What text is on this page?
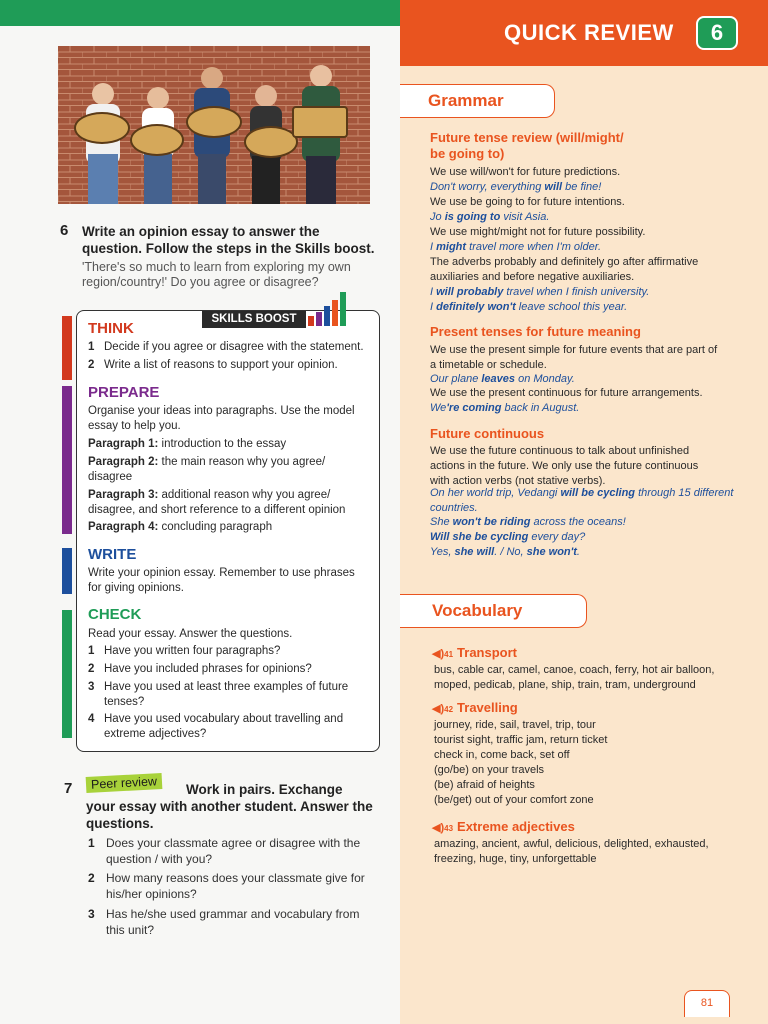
6 Write an opinion essay to answer the
question. Follow the steps in the Skills boost.
'There's so much to learn from exploring my own
region/country!' Do you agree or disagree?
SKILLS BOOST
THINK
1 Decide if you agree or disagree with the statement.
2 Write a list of reasons to support your opinion.
PREPARE
Organise your ideas into paragraphs. Use the model
essay to help you.
Paragraph 1: introduction to the essay
Paragraph 2: the main reason why you agree/
disagree
Paragraph 3: additional reason why you agree/
disagree, and short reference to a different opinion
Paragraph 4: concluding paragraph
WRITE
Write your opinion essay. Remember to use phrases
for giving opinions.
CHECK
Read your essay. Answer the questions.
1 Have you written four paragraphs?
2 Have you included phrases for opinions?
3 Have you used at least three examples of future
tenses?
4 Have you used vocabulary about travelling and
extreme adjectives?
7	Peer review	Work in pairs. Exchange
your essay with another student. Answer the
questions.
1 Does your classmate agree or disagree with the
question / with you?
2 How many reasons does your classmate give for
his/her opinions?
3 Has he/she used grammar and vocabulary from
this unit?
QUICK REVIEW	6
Grammar
Future tense review (will/might/
be going to)
We use will/won't for future predictions.
Don't worry, everything will be fine!
We use be going to for future intentions.
Jo is going to visit Asia.
We use might/might not for future possibility.
I might travel more when I'm older.
The adverbs probably and definitely go after affirmative
auxiliaries and before negative auxiliaries.
I will probably travel when I finish university.
I definitely won't leave school this year.
Present tenses for future meaning
We use the present simple for future events that are part of
a timetable or schedule.
Our plane leaves on Monday.
We use the present continuous for future arrangements.
We're coming back in August.
Future continuous
We use the future continuous to talk about unfinished
actions in the future. We only use the future continuous
with action verbs (not stative verbs).
On her world trip, Vedangi will be cycling through 15 different
countries.
She won't be riding across the oceans!
Will she be cycling every day?
Yes, she will. / No, she won't.
Vocabulary
◀)41 Transport
bus, cable car, camel, canoe, coach, ferry, hot air balloon,
moped, pedicab, plane, ship, train, tram, underground
◀)42 Travelling
journey, ride, sail, travel, trip, tour
tourist sight, traffic jam, return ticket
check in, come back, set off
(go/be) on your travels
(be) afraid of heights
(be/get) out of your comfort zone
◀)43 Extreme adjectives
amazing, ancient, awful, delicious, delighted, exhausted,
freezing, huge, tiny, unforgettable
81
